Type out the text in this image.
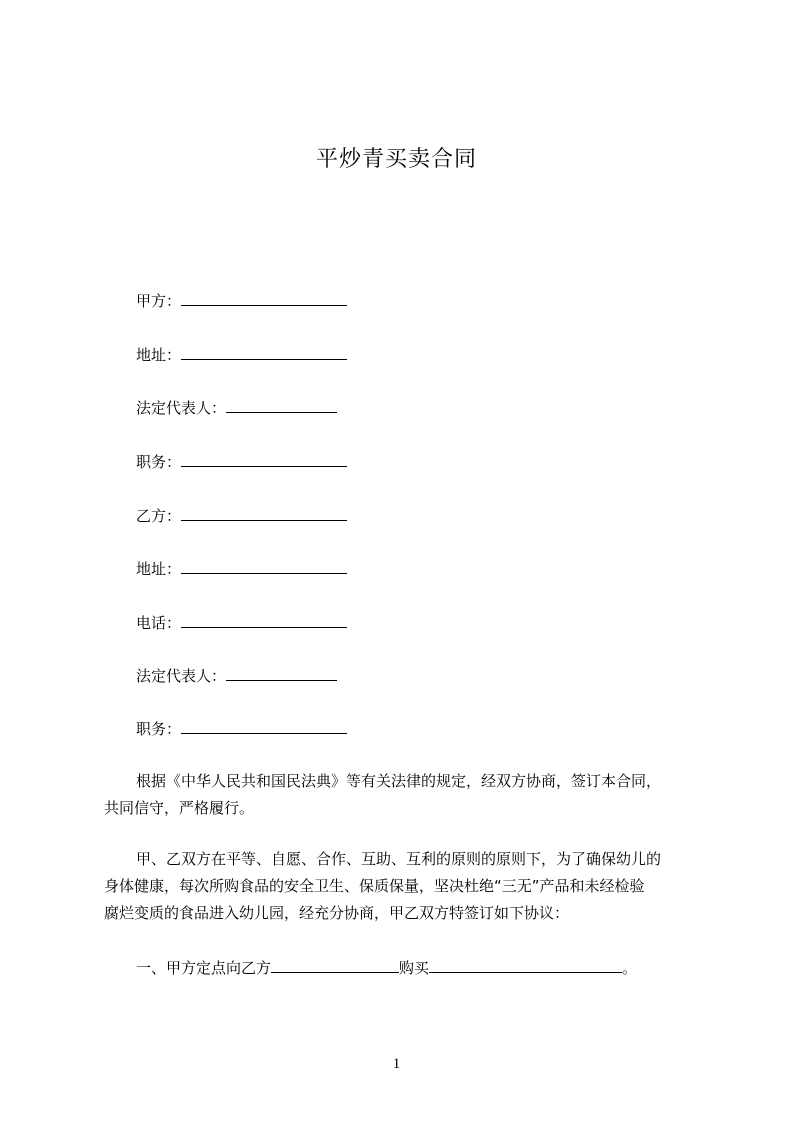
平炒青买卖合同
甲方：
地址：
法定代表人：
职务：
乙方：
地址：
电话：
法定代表人：
职务：
根据《中华人民共和国民法典》等有关法律的规定，经双方协商，签订本合同，
共同信守，严格履行。
甲、乙双方在平等、自愿、合作、互助、互利的原则的原则下，为了确保幼儿的
身体健康，每次所购食品的安全卫生、保质保量，坚决杜绝“三无”产品和未经检验
腐烂变质的食品进入幼儿园，经充分协商，甲乙双方特签订如下协议：
一、甲方定点向乙方	购买	。
1
